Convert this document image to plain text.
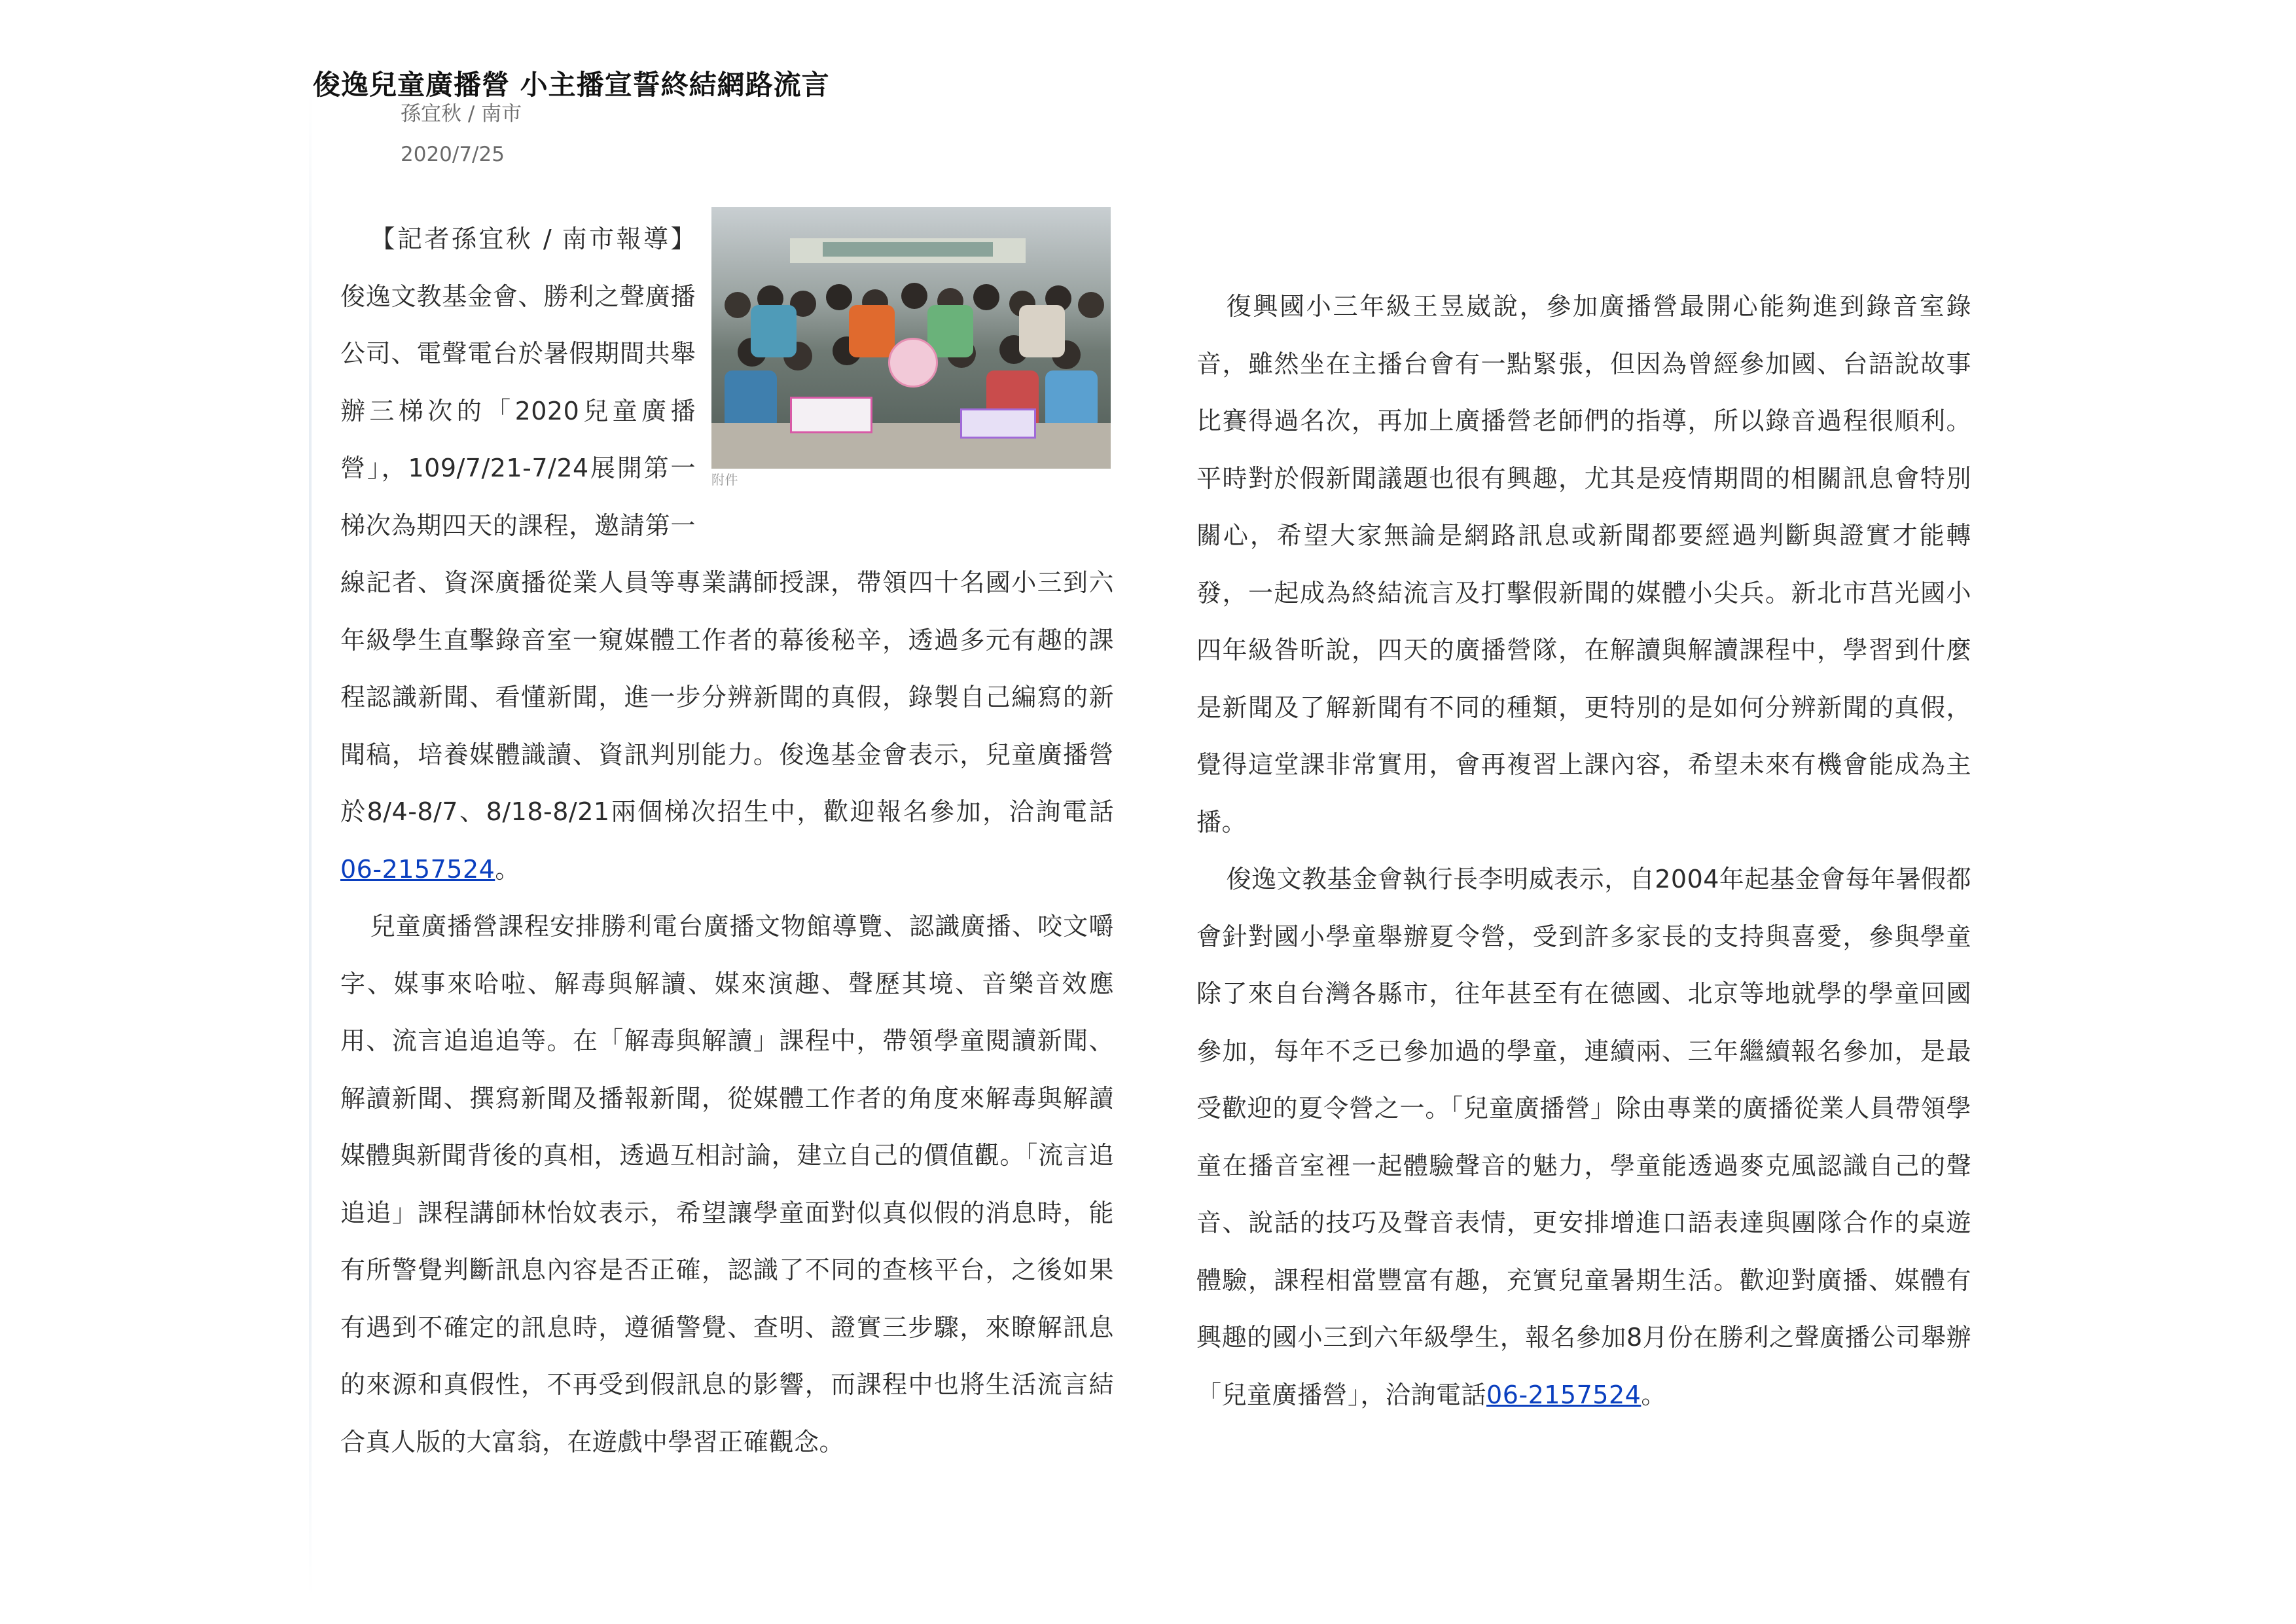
俊逸兒童廣播營 小主播宣誓終結網路流言
孫宜秋 / 南市
2020/7/25
附件

【記者孫宜秋 / 南市報導】俊逸文教基金會、勝利之聲廣播公司、電聲電台於暑假期間共舉辦三梯次的「2020兒童廣播營」，109/7/21-7/24展開第一梯次為期四天的課程，邀請第一線記者、資深廣播從業人員等專業講師授課，帶領四十名國小三到六年級學生直擊錄音室一窺媒體工作者的幕後秘辛，透過多元有趣的課程認識新聞、看懂新聞，進一步分辨新聞的真假，錄製自己編寫的新聞稿，培養媒體識讀、資訊判別能力。俊逸基金會表示，兒童廣播營於8/4-8/7、8/18-8/21兩個梯次招生中，歡迎報名參加，洽詢電話06-2157524。

兒童廣播營課程安排勝利電台廣播文物館導覽、認識廣播、咬文嚼字、媒事來哈啦、解毒與解讀、媒來演趣、聲歷其境、音樂音效應用、流言追追追等。在「解毒與解讀」課程中，帶領學童閱讀新聞、解讀新聞、撰寫新聞及播報新聞，從媒體工作者的角度來解毒與解讀媒體與新聞背後的真相，透過互相討論，建立自己的價值觀。「流言追追追」課程講師林怡妏表示，希望讓學童面對似真似假的消息時，能有所警覺判斷訊息內容是否正確，認識了不同的查核平台，之後如果有遇到不確定的訊息時，遵循警覺、查明、證實三步驟，來瞭解訊息的來源和真假性，不再受到假訊息的影響，而課程中也將生活流言結合真人版的大富翁，在遊戲中學習正確觀念。

復興國小三年級王昱崴說，參加廣播營最開心能夠進到錄音室錄音，雖然坐在主播台會有一點緊張，但因為曾經參加國、台語說故事比賽得過名次，再加上廣播營老師們的指導，所以錄音過程很順利。平時對於假新聞議題也很有興趣，尤其是疫情期間的相關訊息會特別關心，希望大家無論是網路訊息或新聞都要經過判斷與證實才能轉發，一起成為終結流言及打擊假新聞的媒體小尖兵。新北市莒光國小四年級昝昕說，四天的廣播營隊，在解讀與解讀課程中，學習到什麼是新聞及了解新聞有不同的種類，更特別的是如何分辨新聞的真假，覺得這堂課非常實用，會再複習上課內容，希望未來有機會能成為主播。

俊逸文教基金會執行長李明威表示，自2004年起基金會每年暑假都會針對國小學童舉辦夏令營，受到許多家長的支持與喜愛，參與學童除了來自台灣各縣市，往年甚至有在德國、北京等地就學的學童回國參加，每年不乏已參加過的學童，連續兩、三年繼續報名參加，是最受歡迎的夏令營之一。「兒童廣播營」除由專業的廣播從業人員帶領學童在播音室裡一起體驗聲音的魅力，學童能透過麥克風認識自己的聲音、說話的技巧及聲音表情，更安排增進口語表達與團隊合作的桌遊體驗，課程相當豐富有趣，充實兒童暑期生活。歡迎對廣播、媒體有興趣的國小三到六年級學生，報名參加8月份在勝利之聲廣播公司舉辦「兒童廣播營」，洽詢電話06-2157524。
